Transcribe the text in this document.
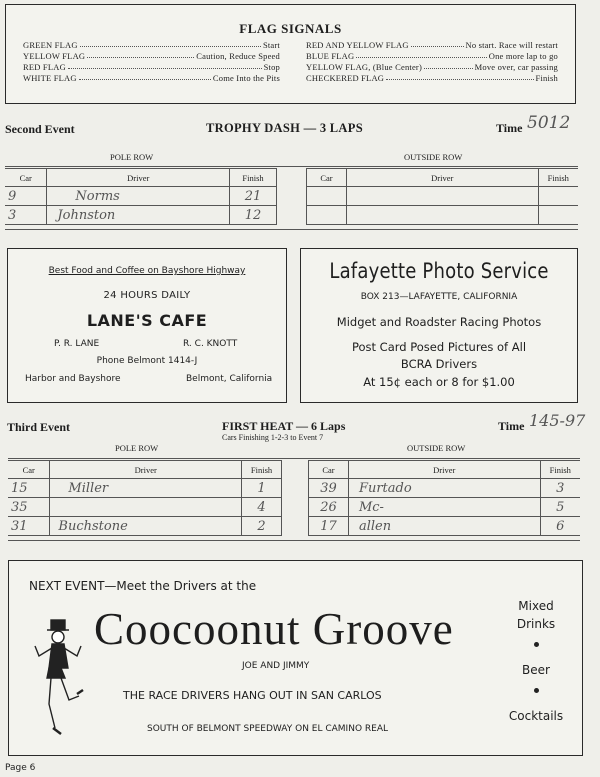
FLAG SIGNALS
GREEN FLAG	Start
YELLOW FLAG	Caution, Reduce Speed
RED FLAG	Stop
WHITE FLAG	Come Into the Pits
RED AND YELLOW FLAG	No start. Race will restart
BLUE FLAG	One more lap to go
YELLOW FLAG, (Blue Center)	Move over, car passing
CHECKERED FLAG	Finish
Second Event	TROPHY DASH — 3 LAPS	Time 5012
POLE ROW	OUTSIDE ROW
Car	Driver	Finish
9	Norms	21
3	Johnston	12
Car	Driver	Finish

Best Food and Coffee on Bayshore Highway
24 HOURS DAILY
LANE'S CAFE
P. R. LANE	R. C. KNOTT
Phone Belmont 1414-J
Harbor and Bayshore	Belmont, California
Lafayette Photo Service
BOX 213—LAFAYETTE, CALIFORNIA
Midget and Roadster Racing Photos
Post Card Posed Pictures of All
BCRA Drivers
At 15¢ each or 8 for $1.00
Third Event	FIRST HEAT — 6 Laps
Cars Finishing 1-2-3 to Event 7
Time 145-97
POLE ROW	OUTSIDE ROW
Car	Driver	Finish
15	Miller	1
35		4
31	Buchstone	2
Car	Driver	Finish
39	Furtado	3
26	Mc-	5
17	allen	6
NEXT EVENT—Meet the Drivers at the
Coocoonut Groove
JOE AND JIMMY
THE RACE DRIVERS HANG OUT IN SAN CARLOS
SOUTH OF BELMONT SPEEDWAY ON EL CAMINO REAL
Mixed
Drinks
Beer
Cocktails
Page 6
